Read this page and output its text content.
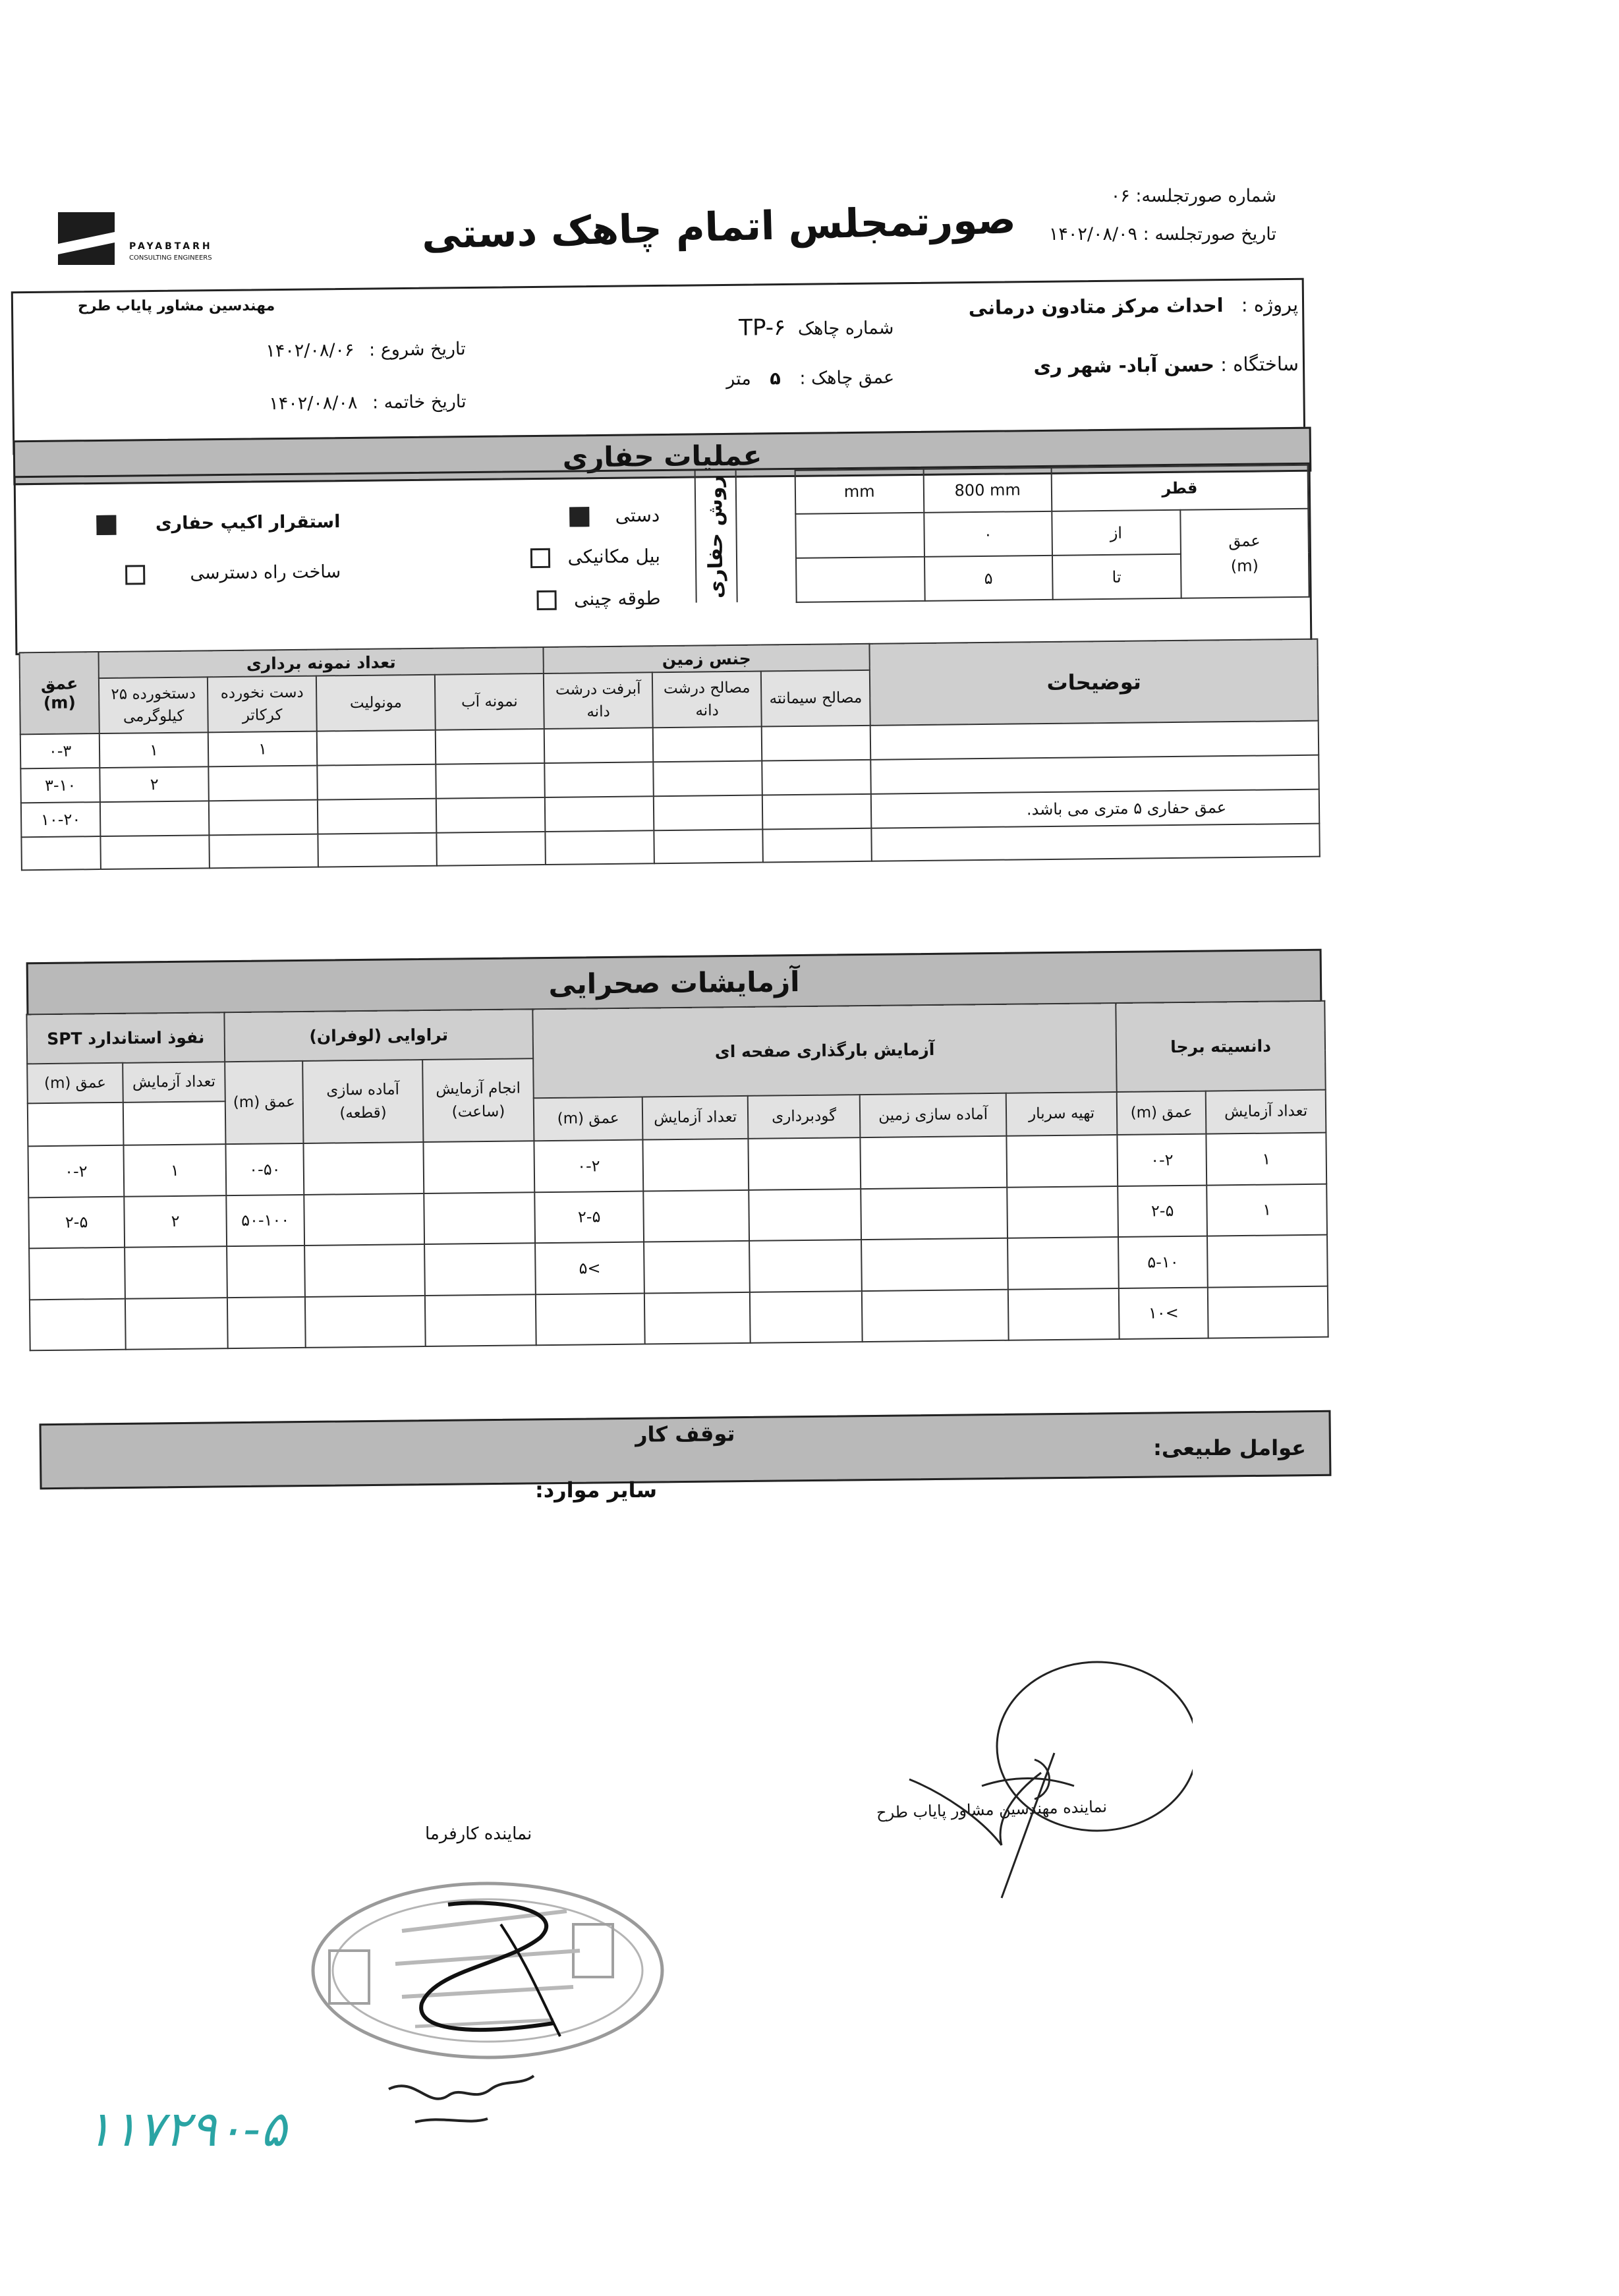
شماره صورتجلسه: ۰۶
تاریخ صورتجلسه : ۱۴۰۲/۰۸/۰۹
صورتمجلس اتمام چاهک دستی
PAYABTARH
CONSULTING ENGINEERS
مهندسین مشاور پایاب طرح	پروژه : احداث مرکز متادون درمانی
ساختگاه : حسن آباد- شهر ری
شماره چاهک TP-۶
عمق چاهک : ۵ متر
تاریخ شروع : ۱۴۰۲/۰۸/۰۶
تاریخ خاتمه : ۱۴۰۲/۰۸/۰۸
عملیات حفاری
قطر		800 mm	mm
عمق
(m)	از	۰	
	تا	۵	
روش حفاری
دستی
بیل مکانیکی
طوقه چینی
استقرار اکیپ حفاری
ساخت راه دسترسی

توضیحات	جنس زمین			تعداد نمونه برداری				عمق (m)
	مصالح سیمانته	مصالح درشت دانه	آبرفت درشت دانه	نمونه آب	مونولیت	دست نخورده کرکاتر	دستخورده ۲۵ کیلوگرمی	
						۱	۱	۰-۳
							۲	۳-۱۰
عمق حفاری ۵ متری می باشد.								۱۰-۲۰

آزمایشات صحرایی
دانسیته برجا		آزمایش بارگذاری صفحه ای					تراوایی (لوفران)			نفوذ استاندارد SPT	
							انجام آزمایش (ساعت)	آماده سازی (قطعه)	عمق (m)	تعداد آزمایش	عمق (m)
تعداد آزمایش	عمق (m)	تهیه سربار	آماده سازی زمین	گودبرداری	تعداد آزمایش	عمق (m)					
۱	۰-۲					۰-۲			۰-۵۰	۱	۰-۲
۱	۲-۵					۲-۵			۵۰-۱۰۰	۲	۲-۵
	۵-۱۰					>۵					
	>۱۰										
توقف کار
عوامل طبیعی:
سایر موارد:
نماینده مهندسین مشاور پایاب طرح
نماینده کارفرما
۱۱۷۲۹۰-۵
